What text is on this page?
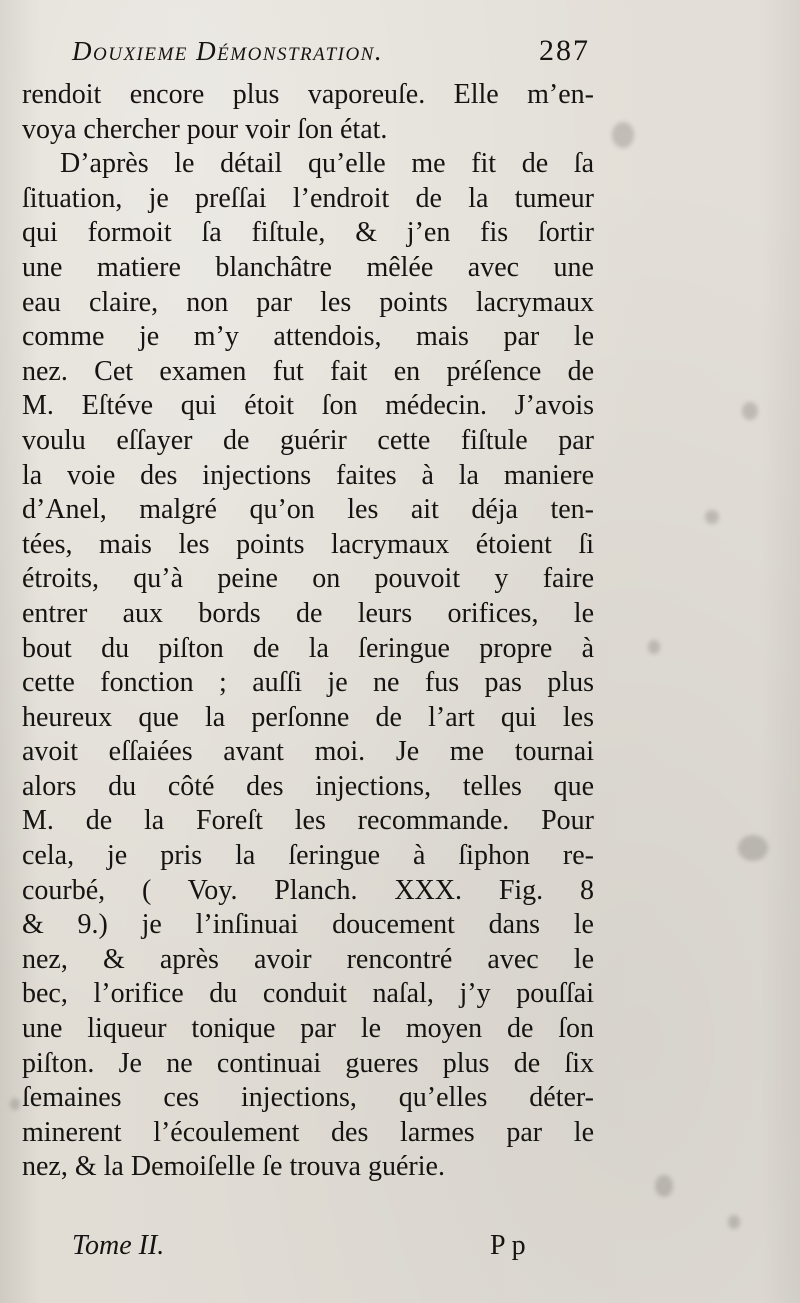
Douxieme Démonstration.	287
rendoit encore plus vaporeuſe. Elle m’en-
voya chercher pour voir ſon état.
D’après le détail qu’elle me fit de ſa
ſituation, je preſſai l’endroit de la tumeur
qui formoit ſa fiſtule, & j’en fis ſortir
une matiere blanchâtre mêlée avec une
eau claire, non par les points lacrymaux
comme je m’y attendois, mais par le
nez. Cet examen fut fait en préſence de
M. Eſtéve qui étoit ſon médecin. J’avois
voulu eſſayer de guérir cette fiſtule par
la voie des injections faites à la maniere
d’Anel, malgré qu’on les ait déja ten-
tées, mais les points lacrymaux étoient ſi
étroits, qu’à peine on pouvoit y faire
entrer aux bords de leurs orifices, le
bout du piſton de la ſeringue propre à
cette fonction ; auſſi je ne fus pas plus
heureux que la perſonne de l’art qui les
avoit eſſaiées avant moi. Je me tournai
alors du côté des injections, telles que
M. de la Foreſt les recommande. Pour
cela, je pris la ſeringue à ſiphon re-
courbé, ( Voy. Planch. XXX. Fig. 8
& 9.) je l’inſinuai doucement dans le
nez, & après avoir rencontré avec le
bec, l’orifice du conduit naſal, j’y pouſſai
une liqueur tonique par le moyen de ſon
piſton. Je ne continuai gueres plus de ſix
ſemaines ces injections, qu’elles déter-
minerent l’écoulement des larmes par le
nez, & la Demoiſelle ſe trouva guérie.
Tome II.	Pp
